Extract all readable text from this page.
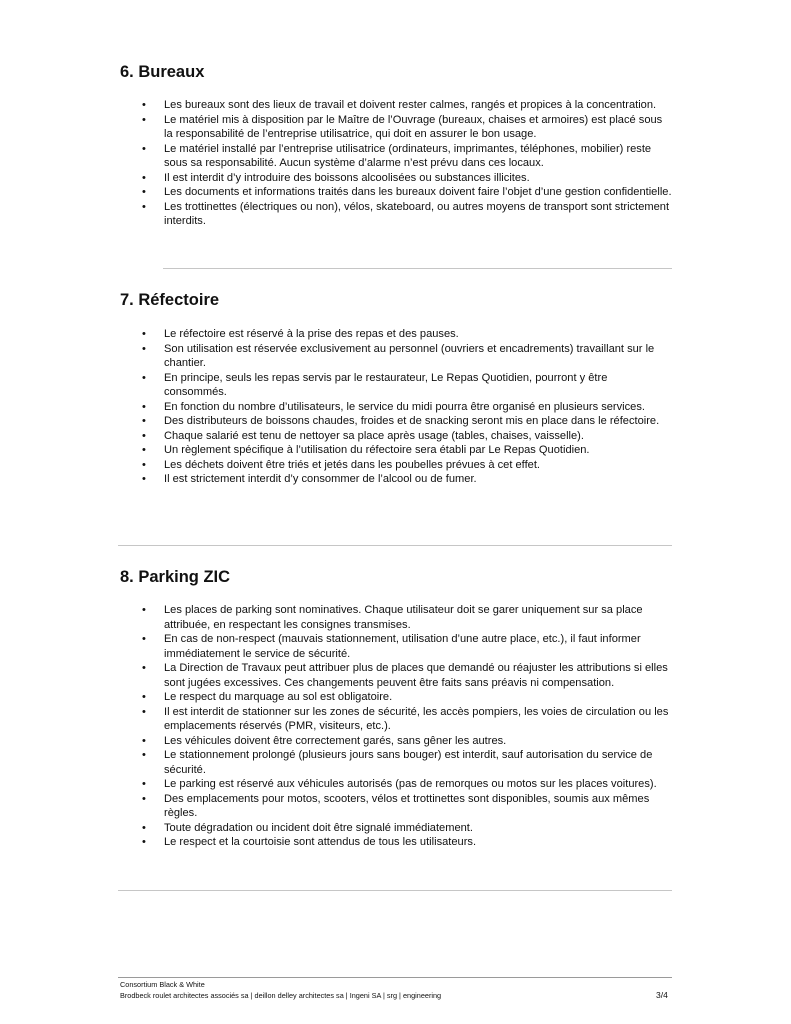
6. Bureaux
• Les bureaux sont des lieux de travail et doivent rester calmes, rangés et propices à la concentration.
• Le matériel mis à disposition par le Maître de l’Ouvrage (bureaux, chaises et armoires) est placé sous la responsabilité de l’entreprise utilisatrice, qui doit en assurer le bon usage.
• Le matériel installé par l’entreprise utilisatrice (ordinateurs, imprimantes, téléphones, mobilier) reste sous sa responsabilité. Aucun système d’alarme n’est prévu dans ces locaux.
• Il est interdit d’y introduire des boissons alcoolisées ou substances illicites.
• Les documents et informations traités dans les bureaux doivent faire l’objet d’une gestion confidentielle.
• Les trottinettes (électriques ou non), vélos, skateboard, ou autres moyens de transport sont strictement interdits.
7. Réfectoire
• Le réfectoire est réservé à la prise des repas et des pauses.
• Son utilisation est réservée exclusivement au personnel (ouvriers et encadrements) travaillant sur le chantier.
• En principe, seuls les repas servis par le restaurateur, Le Repas Quotidien, pourront y être consommés.
• En fonction du nombre d’utilisateurs, le service du midi pourra être organisé en plusieurs services.
• Des distributeurs de boissons chaudes, froides et de snacking seront mis en place dans le réfectoire.
• Chaque salarié est tenu de nettoyer sa place après usage (tables, chaises, vaisselle).
• Un règlement spécifique à l’utilisation du réfectoire sera établi par Le Repas Quotidien.
• Les déchets doivent être triés et jetés dans les poubelles prévues à cet effet.
• Il est strictement interdit d’y consommer de l’alcool ou de fumer.
8. Parking ZIC
• Les places de parking sont nominatives. Chaque utilisateur doit se garer uniquement sur sa place attribuée, en respectant les consignes transmises.
• En cas de non-respect (mauvais stationnement, utilisation d’une autre place, etc.), il faut informer immédiatement le service de sécurité.
• La Direction de Travaux peut attribuer plus de places que demandé ou réajuster les attributions si elles sont jugées excessives. Ces changements peuvent être faits sans préavis ni compensation.
• Le respect du marquage au sol est obligatoire.
• Il est interdit de stationner sur les zones de sécurité, les accès pompiers, les voies de circulation ou les emplacements réservés (PMR, visiteurs, etc.).
• Les véhicules doivent être correctement garés, sans gêner les autres.
• Le stationnement prolongé (plusieurs jours sans bouger) est interdit, sauf autorisation du service de sécurité.
• Le parking est réservé aux véhicules autorisés (pas de remorques ou motos sur les places voitures).
• Des emplacements pour motos, scooters, vélos et trottinettes sont disponibles, soumis aux mêmes règles.
• Toute dégradation ou incident doit être signalé immédiatement.
• Le respect et la courtoisie sont attendus de tous les utilisateurs.
Consortium Black & White
Brodbeck roulet architectes associés sa | deillon delley architectes sa | Ingeni SA | srg | engineering	3/4
